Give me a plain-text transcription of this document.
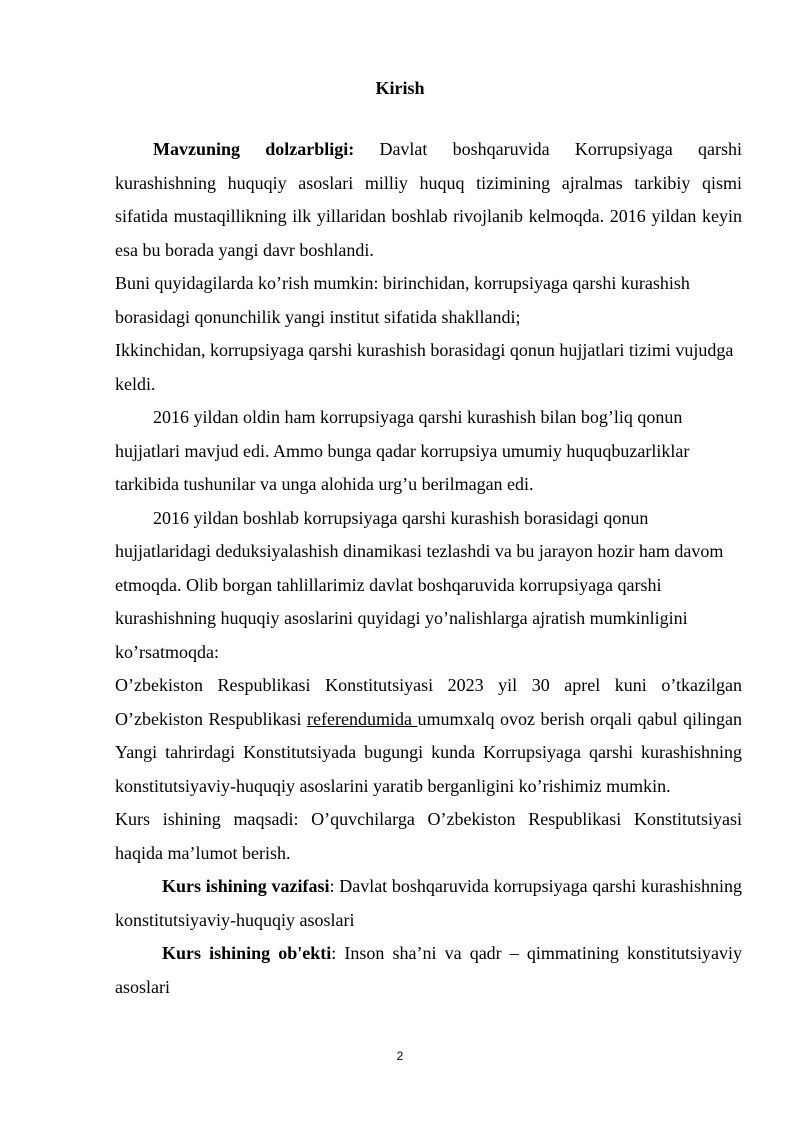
Kirish

Mavzuning dolzarbligi: Davlat boshqaruvida Korrupsiyaga qarshi kurashishning huquqiy asoslari milliy huquq tizimining ajralmas tarkibiy qismi sifatida mustaqillikning ilk yillaridan boshlab rivojlanib kelmoqda. 2016 yildan keyin esa bu borada yangi davr boshlandi.

Buni quyidagilarda ko’rish mumkin: birinchidan, korrupsiyaga qarshi kurashish borasidagi qonunchilik yangi institut sifatida shakllandi;

Ikkinchidan, korrupsiyaga qarshi kurashish borasidagi qonun hujjatlari tizimi vujudga keldi.

2016 yildan oldin ham korrupsiyaga qarshi kurashish bilan bog’liq qonun hujjatlari mavjud edi. Ammo bunga qadar korrupsiya umumiy huquqbuzarliklar tarkibida tushunilar va unga alohida urg’u berilmagan edi.

2016 yildan boshlab korrupsiyaga qarshi kurashish borasidagi qonun hujjatlaridagi deduksiyalashish dinamikasi tezlashdi va bu jarayon hozir ham davom etmoqda. Olib borgan tahlillarimiz davlat boshqaruvida korrupsiyaga qarshi kurashishning huquqiy asoslarini quyidagi yo’nalishlarga ajratish mumkinligini ko’rsatmoqda:

O’zbekiston Respublikasi Konstitutsiyasi 2023 yil 30 aprel kuni o’tkazilgan O’zbekiston Respublikasi referendumida umumxalq ovoz berish orqali qabul qilingan Yangi tahrirdagi Konstitutsiyada bugungi kunda Korrupsiyaga qarshi kurashishning konstitutsiyaviy-huquqiy asoslarini yaratib berganligini ko’rishimiz mumkin.

Kurs ishining maqsadi: O’quvchilarga O’zbekiston Respublikasi Konstitutsiyasi haqida ma’lumot berish.

Kurs ishining vazifasi: Davlat boshqaruvida korrupsiyaga qarshi kurashishning konstitutsiyaviy-huquqiy asoslari

Kurs ishining ob'ekti: Inson sha’ni va qadr – qimmatining konstitutsiyaviy asoslari

2
